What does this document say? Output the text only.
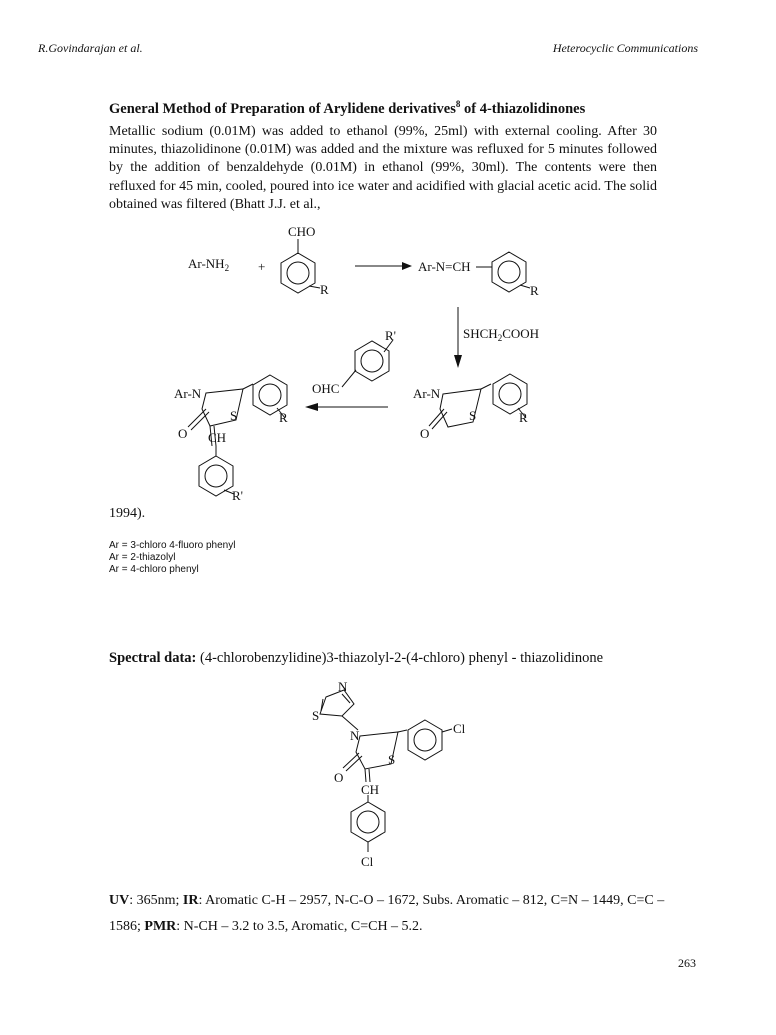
R.Govindarajan et al.	Heterocyclic Communications
General Method of Preparation of Arylidene derivatives$^8$ of 4-thiazolidinones
Metallic sodium (0.01M) was added to ethanol (99%, 25ml) with external cooling. After 30 minutes, thiazolidinone (0.01M) was added and the mixture was refluxed for 5 minutes followed by the addition of benzaldehyde (0.01M) in ethanol (99%, 30ml). The contents were then refluxed for 45 min, cooled, poured into ice water and acidified with glacial acetic acid. The solid obtained was filtered (Bhatt J.J. et al.,
CHO
$Ar-NH_2$ +
R
Ar-N=CH
R
$SHCH_2COOH$
Ar-N
S
O
R
OHC
R'
Ar-N
S
O
R
CH
R'
1994).
Ar = 3-chloro 4-fluoro phenyl
Ar = 2-thiazolyl
Ar = 4-chloro phenyl
Spectral data: (4-chlorobenzylidine)3-thiazolyl-2-(4-chloro) phenyl - thiazolidinone
N
S
N	Cl
S
O
CH
Cl
UV: 365nm; IR: Aromatic C-H – 2957, N-C-O – 1672, Subs. Aromatic – 812, C=N – 1449, C=C – 1586; PMR: N-CH – 3.2 to 3.5, Aromatic, C=CH – 5.2.
263
